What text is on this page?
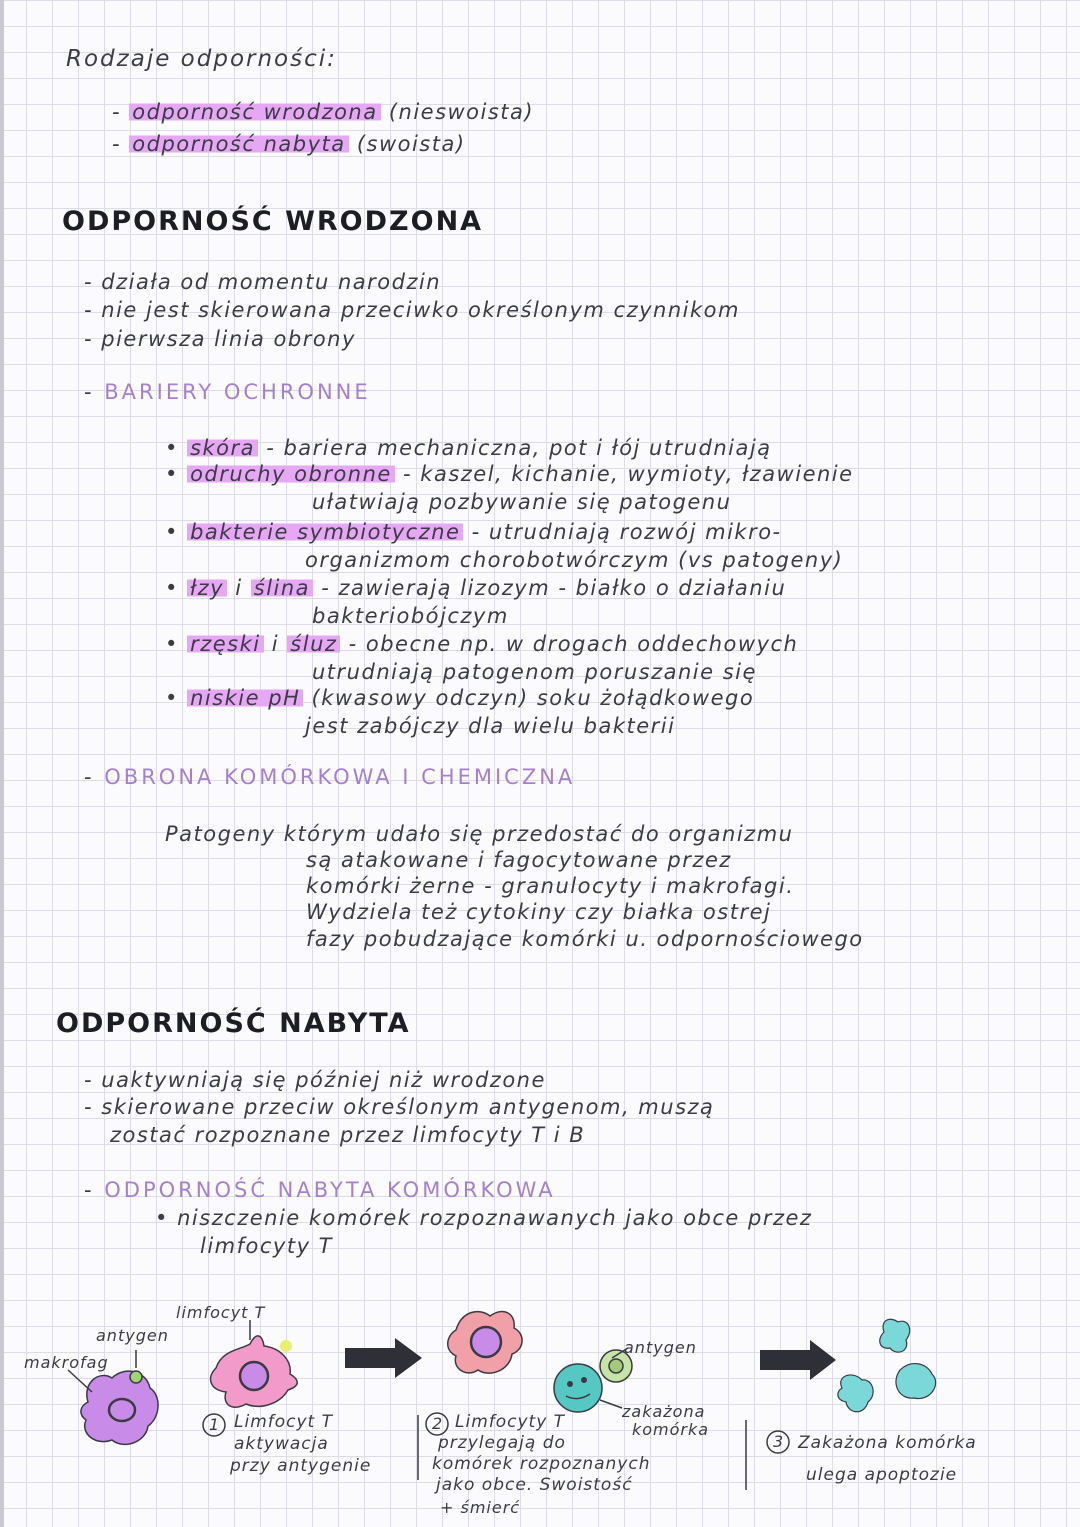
Rodzaje odporności:
- odporność wrodzona (nieswoista)
- odporność nabyta (swoista)
ODPORNOŚĆ WRODZONA
- działa od momentu narodzin
- nie jest skierowana przeciwko określonym czynnikom
- pierwsza linia obrony
- BARIERY OCHRONNE
• skóra - bariera mechaniczna, pot i łój utrudniają
• odruchy obronne - kaszel, kichanie, wymioty, łzawienie
ułatwiają pozbywanie się patogenu
• bakterie symbiotyczne - utrudniają rozwój mikro-
organizmom chorobotwórczym (vs patogeny)
• łzy i ślina - zawierają lizozym - białko o działaniu
bakteriobójczym
• rzęski i śluz - obecne np. w drogach oddechowych
utrudniają patogenom poruszanie się
• niskie pH (kwasowy odczyn) soku żołądkowego
jest zabójczy dla wielu bakterii
- OBRONA KOMÓRKOWA I CHEMICZNA
Patogeny którym udało się przedostać do organizmu
są atakowane i fagocytowane przez
komórki żerne - granulocyty i makrofagi.
Wydziela też cytokiny czy białka ostrej
fazy pobudzające komórki u. odpornościowego
ODPORNOŚĆ NABYTA
- uaktywniają się później niż wrodzone
- skierowane przeciw określonym antygenom, muszą
zostać rozpoznane przez limfocyty T i B
- ODPORNOŚĆ NABYTA KOMÓRKOWA
• niszczenie komórek rozpoznawanych jako obce przez
limfocyty T
makrofag
antygen
limfocyt T
antygen
zakażona
komórka
1 Limfocyt T
aktywacja
przy antygenie
2 Limfocyty T
przylegają do
komórek rozpoznanych
jako obce. Swoistość
+ śmierć
3 Zakażona komórka
ulega apoptozie
